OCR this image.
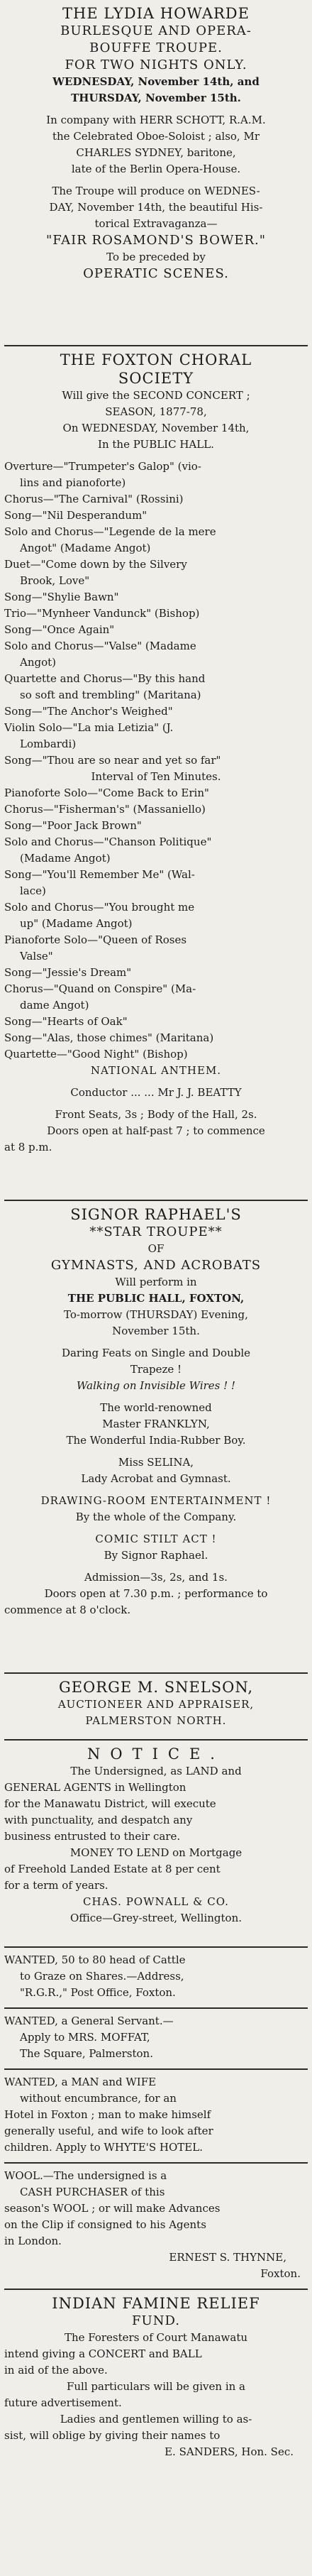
THE LYDIA HOWARDE
BURLESQUE AND OPERA-
BOUFFE TROUPE.
FOR TWO NIGHTS ONLY.
WEDNESDAY, November 14th, and
THURSDAY, November 15th.
In company with HERR SCHOTT, R.A.M.
the Celebrated Oboe-Soloist ; also, Mr
CHARLES SYDNEY, baritone,
late of the Berlin Opera-House.
The Troupe will produce on WEDNES-
DAY, November 14th, the beautiful His-
torical Extravaganza—
"FAIR ROSAMOND'S BOWER."
To be preceded by
OPERATIC SCENES.
THE FOXTON CHORAL
SOCIETY
Will give the SECOND CONCERT ;
SEASON, 1877-78,
On WEDNESDAY, November 14th,
In the PUBLIC HALL.
Overture—"Trumpeter's Galop" (vio-
lins and pianoforte)
Chorus—"The Carnival" (Rossini)
Song—"Nil Desperandum"
Solo and Chorus—"Legende de la mere
Angot" (Madame Angot)
Duet—"Come down by the Silvery
Brook, Love"
Song—"Shylie Bawn"
Trio—"Mynheer Vandunck" (Bishop)
Song—"Once Again"
Solo and Chorus—"Valse" (Madame
Angot)
Quartette and Chorus—"By this hand
so soft and trembling" (Maritana)
Song—"The Anchor's Weighed"
Violin Solo—"La mia Letizia" (J.
Lombardi)
Song—"Thou are so near and yet so far"
Interval of Ten Minutes.
Pianoforte Solo—"Come Back to Erin"
Chorus—"Fisherman's" (Massaniello)
Song—"Poor Jack Brown"
Solo and Chorus—"Chanson Politique"
(Madame Angot)
Song—"You'll Remember Me" (Wal-
lace)
Solo and Chorus—"You brought me
up" (Madame Angot)
Pianoforte Solo—"Queen of Roses
Valse"
Song—"Jessie's Dream"
Chorus—"Quand on Conspire" (Ma-
dame Angot)
Song—"Hearts of Oak"
Song—"Alas, those chimes" (Maritana)
Quartette—"Good Night" (Bishop)
NATIONAL ANTHEM.
Conductor ... ... Mr J. J. BEATTY
Front Seats, 3s ; Body of the Hall, 2s.
Doors open at half-past 7 ; to commence
at 8 p.m.
SIGNOR RAPHAEL'S
**STAR TROUPE**
OF
GYMNASTS, AND ACROBATS
Will perform in
THE PUBLIC HALL, FOXTON,
To-morrow (THURSDAY) Evening,
November 15th.
Daring Feats on Single and Double
Trapeze !
Walking on Invisible Wires ! !
The world-renowned
Master FRANKLYN,
The Wonderful India-Rubber Boy.
Miss SELINA,
Lady Acrobat and Gymnast.
DRAWING-ROOM ENTERTAINMENT !
By the whole of the Company.
COMIC STILT ACT !
By Signor Raphael.
Admission—3s, 2s, and 1s.
Doors open at 7.30 p.m. ; performance to
commence at 8 o'clock.
GEORGE M. SNELSON,
AUCTIONEER AND APPRAISER,
PALMERSTON NORTH.
NOTICE.
The Undersigned, as LAND and
GENERAL AGENTS in Wellington
for the Manawatu District, will execute
with punctuality, and despatch any
business entrusted to their care.
MONEY TO LEND on Mortgage
of Freehold Landed Estate at 8 per cent
for a term of years.
CHAS. POWNALL & CO.
Office—Grey-street, Wellington.
WANTED, 50 to 80 head of Cattle
to Graze on Shares.—Address,
"R.G.R.," Post Office, Foxton.
WANTED, a General Servant.—
Apply to MRS. MOFFAT,
The Square, Palmerston.
WANTED, a MAN and WIFE
without encumbrance, for an
Hotel in Foxton ; man to make himself
generally useful, and wife to look after
children. Apply to WHYTE'S HOTEL.
WOOL.—The undersigned is a
CASH PURCHASER of this
season's WOOL ; or will make Advances
on the Clip if consigned to his Agents
in London.
ERNEST S. THYNNE,
Foxton.
INDIAN FAMINE RELIEF
FUND.
The Foresters of Court Manawatu
intend giving a CONCERT and BALL
in aid of the above.
Full particulars will be given in a
future advertisement.
Ladies and gentlemen willing to as-
sist, will oblige by giving their names to
E. SANDERS, Hon. Sec.
